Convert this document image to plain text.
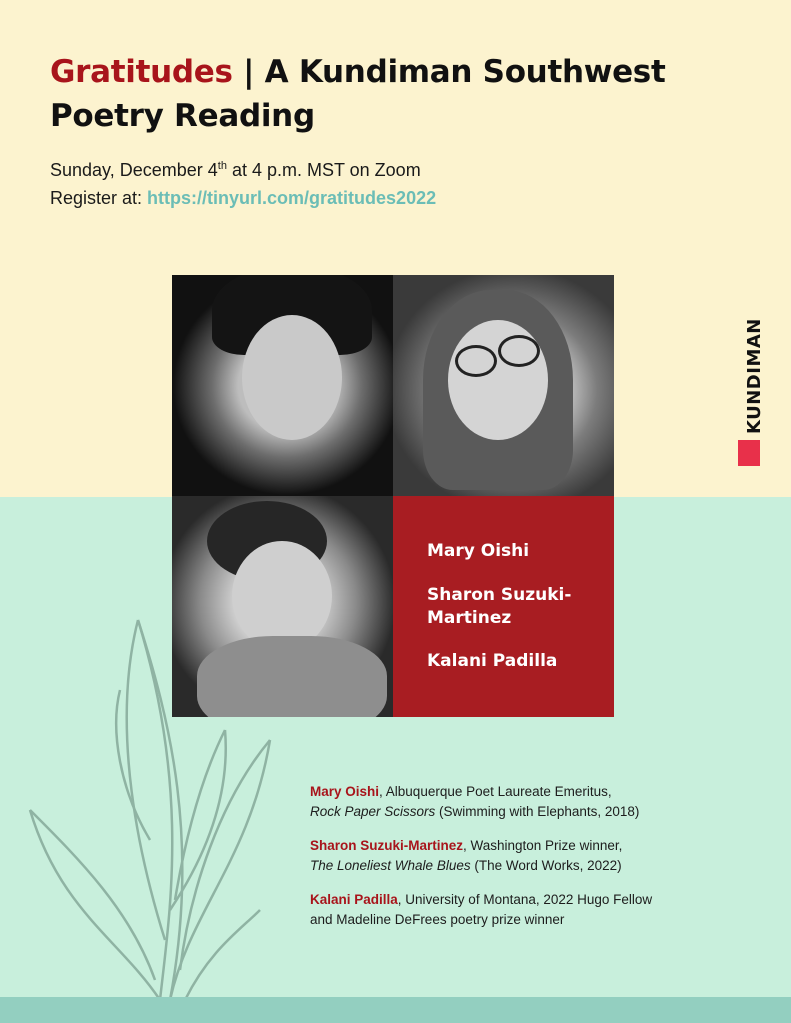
Gratitudes | A Kundiman Southwest Poetry Reading
Sunday, December 4th at 4 p.m. MST on Zoom
Register at: https://tinyurl.com/gratitudes2022
Mary Oishi
Sharon Suzuki-Martinez
Kalani Padilla
KUNDIMAN
Mary Oishi, Albuquerque Poet Laureate Emeritus,
Rock Paper Scissors (Swimming with Elephants, 2018)
Sharon Suzuki-Martinez, Washington Prize winner,
The Loneliest Whale Blues (The Word Works, 2022)
Kalani Padilla, University of Montana, 2022 Hugo Fellow
and Madeline DeFrees poetry prize winner
